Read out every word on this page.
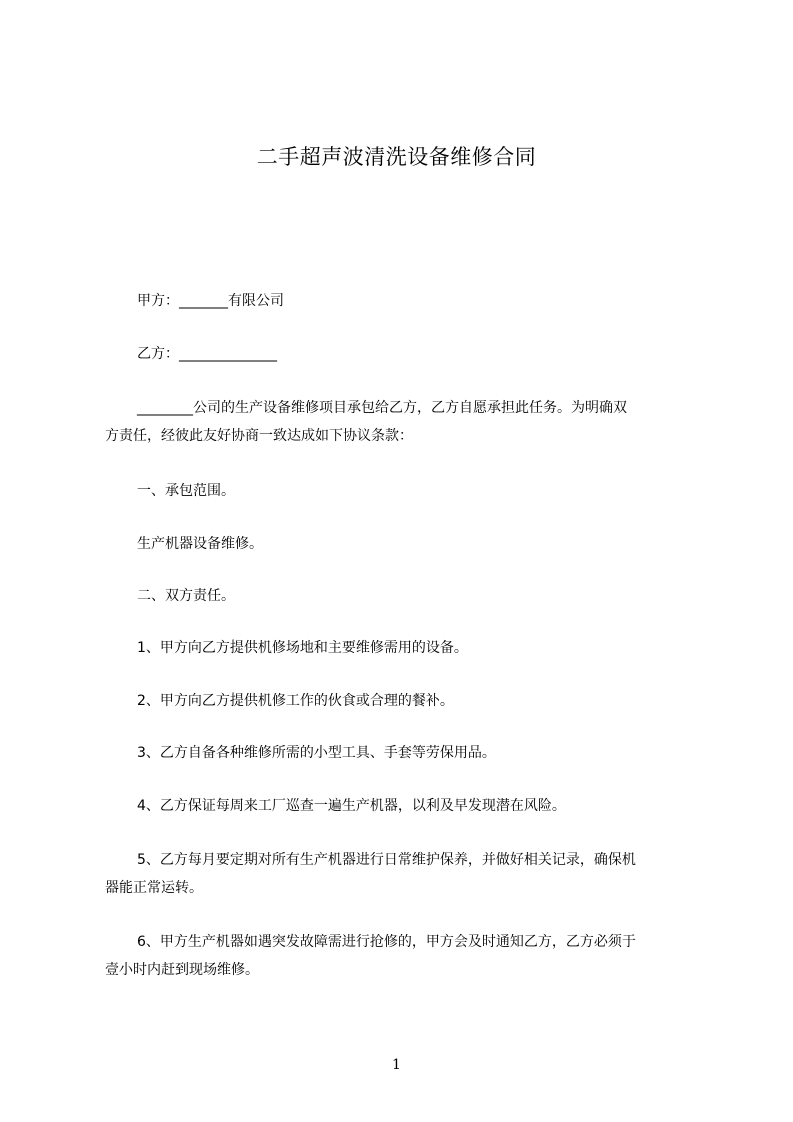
二手超声波清洗设备维修合同
甲方：_______有限公司
乙方：______________
________公司的生产设备维修项目承包给乙方，乙方自愿承担此任务。为明确双
方责任，经彼此友好协商一致达成如下协议条款：
一、承包范围。
生产机器设备维修。
二、双方责任。
1、甲方向乙方提供机修场地和主要维修需用的设备。
2、甲方向乙方提供机修工作的伙食或合理的餐补。
3、乙方自备各种维修所需的小型工具、手套等劳保用品。
4、乙方保证每周来工厂巡查一遍生产机器，以利及早发现潜在风险。
5、乙方每月要定期对所有生产机器进行日常维护保养，并做好相关记录，确保机
器能正常运转。
6、甲方生产机器如遇突发故障需进行抢修的，甲方会及时通知乙方，乙方必须于
壹小时内赶到现场维修。
1
